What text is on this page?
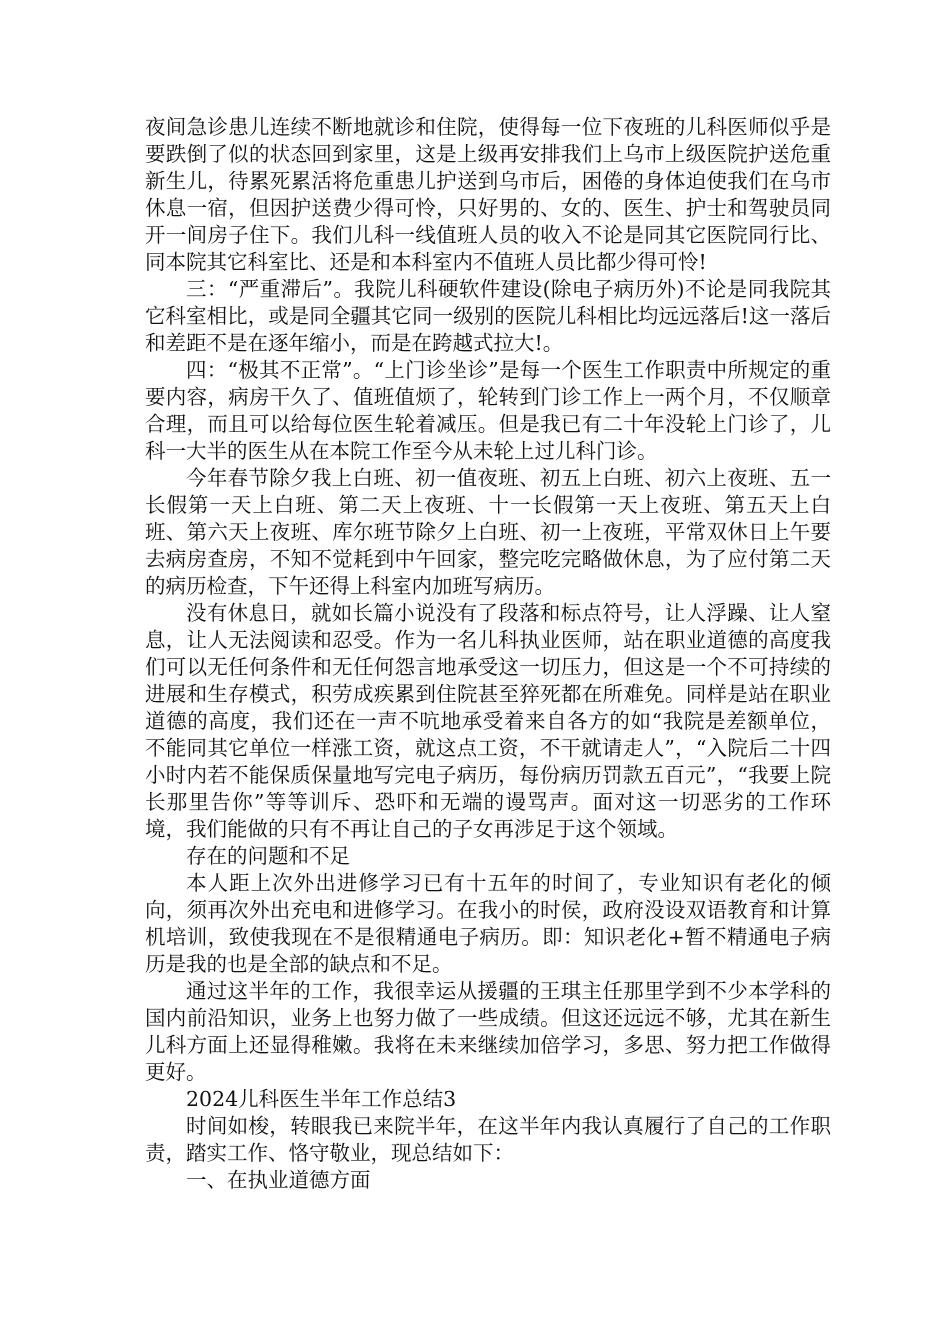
夜间急诊患儿连续不断地就诊和住院，使得每一位下夜班的儿科医师似乎是要跌倒了似的状态回到家里，这是上级再安排我们上乌市上级医院护送危重新生儿，待累死累活将危重患儿护送到乌市后，困倦的身体迫使我们在乌市休息一宿，但因护送费少得可怜，只好男的、女的、医生、护士和驾驶员同开一间房子住下。我们儿科一线值班人员的收入不论是同其它医院同行比、同本院其它科室比、还是和本科室内不值班人员比都少得可怜!

三：“严重滞后”。我院儿科硬软件建设(除电子病历外)不论是同我院其它科室相比，或是同全疆其它同一级别的医院儿科相比均远远落后!这一落后和差距不是在逐年缩小，而是在跨越式拉大!。

四：“极其不正常”。“上门诊坐诊”是每一个医生工作职责中所规定的重要内容，病房干久了、值班值烦了，轮转到门诊工作上一两个月，不仅顺章合理，而且可以给每位医生轮着减压。但是我已有二十年没轮上门诊了，儿科一大半的医生从在本院工作至今从未轮上过儿科门诊。

今年春节除夕我上白班、初一值夜班、初五上白班、初六上夜班、五一长假第一天上白班、第二天上夜班、十一长假第一天上夜班、第五天上白班、第六天上夜班、库尔班节除夕上白班、初一上夜班，平常双休日上午要去病房查房，不知不觉耗到中午回家，整完吃完略做休息，为了应付第二天的病历检查，下午还得上科室内加班写病历。

没有休息日，就如长篇小说没有了段落和标点符号，让人浮躁、让人窒息，让人无法阅读和忍受。作为一名儿科执业医师，站在职业道德的高度我们可以无任何条件和无任何怨言地承受这一切压力，但这是一个不可持续的进展和生存模式，积劳成疾累到住院甚至猝死都在所难免。同样是站在职业道德的高度，我们还在一声不吭地承受着来自各方的如“我院是差额单位，不能同其它单位一样涨工资，就这点工资，不干就请走人”，“入院后二十四小时内若不能保质保量地写完电子病历，每份病历罚款五百元”，“我要上院长那里告你”等等训斥、恐吓和无端的谩骂声。面对这一切恶劣的工作环境，我们能做的只有不再让自己的子女再涉足于这个领域。

存在的问题和不足

本人距上次外出进修学习已有十五年的时间了，专业知识有老化的倾向，须再次外出充电和进修学习。在我小的时侯，政府没设双语教育和计算机培训，致使我现在不是很精通电子病历。即：知识老化+暂不精通电子病历是我的也是全部的缺点和不足。

通过这半年的工作，我很幸运从援疆的王琪主任那里学到不少本学科的国内前沿知识，业务上也努力做了一些成绩。但这还远远不够，尤其在新生儿科方面上还显得稚嫩。我将在未来继续加倍学习，多思、努力把工作做得更好。

2024儿科医生半年工作总结3

时间如梭，转眼我已来院半年，在这半年内我认真履行了自己的工作职责，踏实工作、恪守敬业，现总结如下：

一、在执业道德方面
